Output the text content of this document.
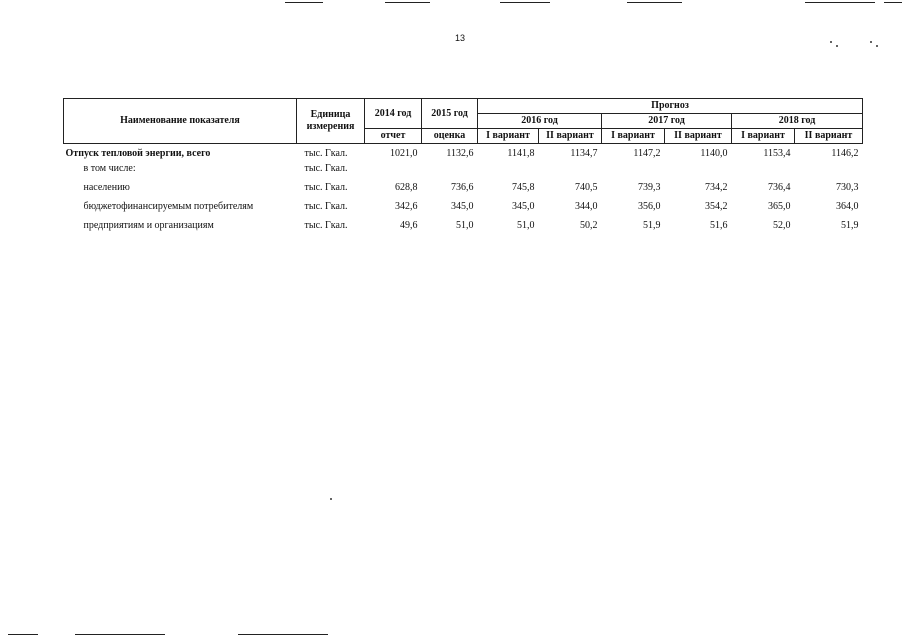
13
Наименование показателя	Единица измерения	2014 год	2015 год	Прогноз					
				2016 год		2017 год		2018 год	
		отчет	оценка	I вариант	II вариант	I вариант	II вариант	I вариант	II вариант
Отпуск тепловой энергии, всего	тыс. Гкал.	1021,0	1132,6	1141,8	1134,7	1147,2	1140,0	1153,4	1146,2
в том числе:	тыс. Гкал.								
населению	тыс. Гкал.	628,8	736,6	745,8	740,5	739,3	734,2	736,4	730,3
бюджетофинансируемым потребителям	тыс. Гкал.	342,6	345,0	345,0	344,0	356,0	354,2	365,0	364,0
предприятиям и организациям	тыс. Гкал.	49,6	51,0	51,0	50,2	51,9	51,6	52,0	51,9
